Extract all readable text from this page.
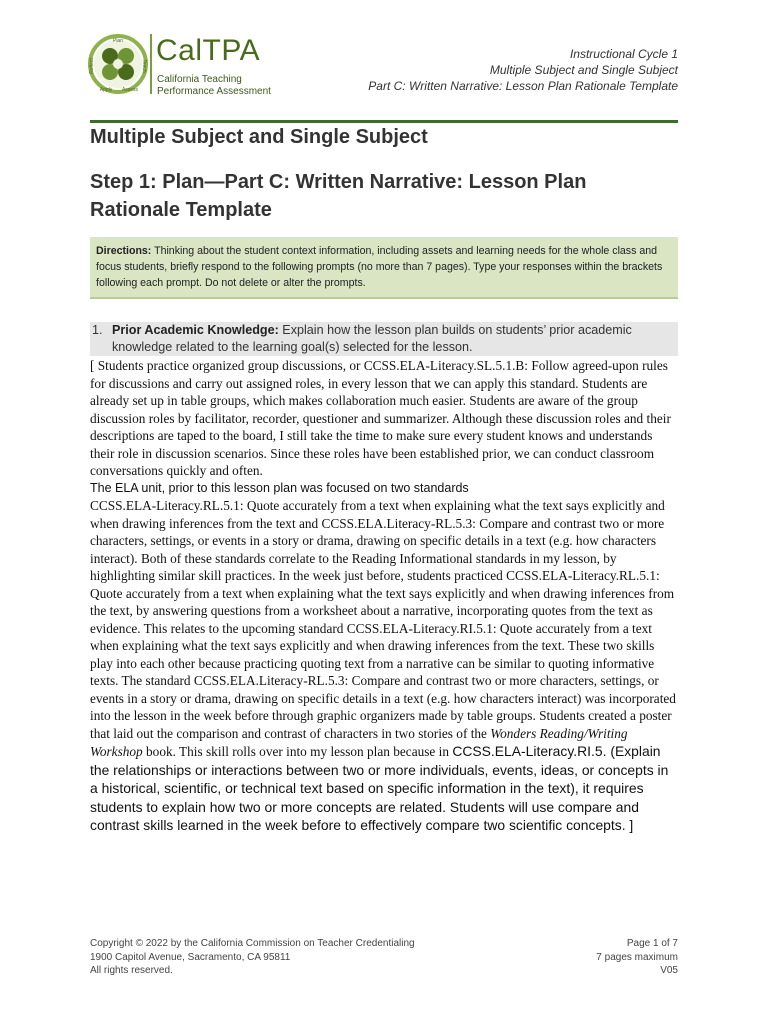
Plan
Teach
Assess
Reflect
Apply
CalTPA
California Teaching
Performance Assessment
Instructional Cycle 1
Multiple Subject and Single Subject
Part C: Written Narrative: Lesson Plan Rationale Template
Multiple Subject and Single Subject
Step 1: Plan—Part C: Written Narrative: Lesson Plan Rationale Template
Directions: Thinking about the student context information, including assets and learning needs for the whole class and focus students, briefly respond to the following prompts (no more than 7 pages). Type your responses within the brackets following each prompt. Do not delete or alter the prompts.
1. Prior Academic Knowledge: Explain how the lesson plan builds on students’ prior academic knowledge related to the learning goal(s) selected for the lesson.

[ Students practice organized group discussions, or CCSS.ELA-Literacy.SL.5.1.B: Follow agreed-upon rules for discussions and carry out assigned roles, in every lesson that we can apply this standard. Students are already set up in table groups, which makes collaboration much easier. Students are aware of the group discussion roles by facilitator, recorder, questioner and summarizer. Although these discussion roles and their descriptions are taped to the board, I still take the time to make sure every student knows and understands their role in discussion scenarios. Since these roles have been established prior, we can conduct classroom conversations quickly and often.

The ELA unit, prior to this lesson plan was focused on two standards

CCSS.ELA-Literacy.RL.5.1: Quote accurately from a text when explaining what the text says explicitly and when drawing inferences from the text and CCSS.ELA.Literacy-RL.5.3: Compare and contrast two or more characters, settings, or events in a story or drama, drawing on specific details in a text (e.g. how characters interact). Both of these standards correlate to the Reading Informational standards in my lesson, by highlighting similar skill practices. In the week just before, students practiced CCSS.ELA-Literacy.RL.5.1: Quote accurately from a text when explaining what the text says explicitly and when drawing inferences from the text, by answering questions from a worksheet about a narrative, incorporating quotes from the text as evidence. This relates to the upcoming standard CCSS.ELA-Literacy.RI.5.1: Quote accurately from a text when explaining what the text says explicitly and when drawing inferences from the text. These two skills play into each other because practicing quoting text from a narrative can be similar to quoting informative texts. The standard CCSS.ELA.Literacy-RL.5.3: Compare and contrast two or more characters, settings, or events in a story or drama, drawing on specific details in a text (e.g. how characters interact) was incorporated into the lesson in the week before through graphic organizers made by table groups. Students created a poster that laid out the comparison and contrast of characters in two stories of the Wonders Reading/Writing Workshop book. This skill rolls over into my lesson plan because in CCSS.ELA-Literacy.RI.5. (Explain the relationships or interactions between two or more individuals, events, ideas, or concepts in a historical, scientific, or technical text based on specific information in the text), it requires students to explain how two or more concepts are related. Students will use compare and contrast skills learned in the week before to effectively compare two scientific concepts. ]

Copyright © 2022 by the California Commission on Teacher Credentialing
1900 Capitol Avenue, Sacramento, CA 95811
All rights reserved.
Page 1 of 7
7 pages maximum
V05
